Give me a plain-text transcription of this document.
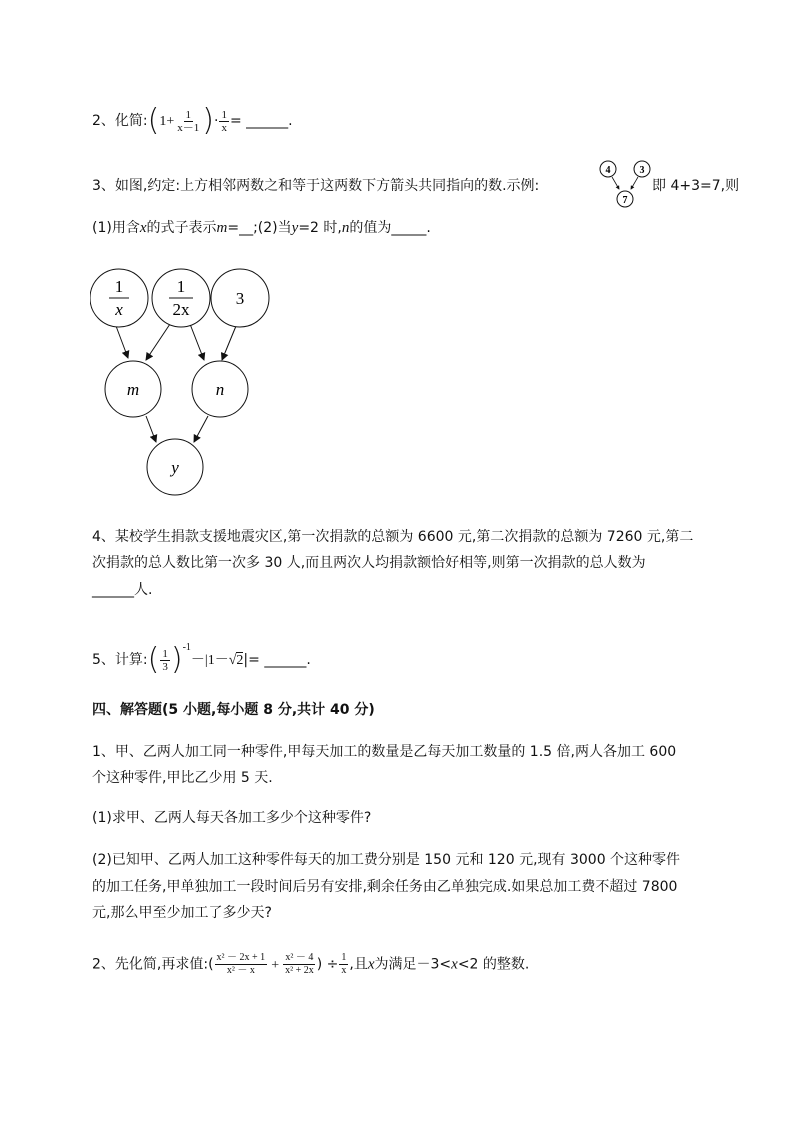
2、化简:(1+ $\frac{1}{x-1}$ )· $\frac{1}{x}$ = ______.
3、如图,约定:上方相邻两数之和等于这两数下方箭头共同指向的数.示例:
4	3
7
即 4+3=7,则
(1)用含x的式子表示m=__;(2)当y=2 时,n的值为_____.
1
x
1
2x
3
m	n
y
4、某校学生捐款支援地震灾区,第一次捐款的总额为 6600 元,第二次捐款的总额为 7260 元,第二
次捐款的总人数比第一次多 30 人,而且两次人均捐款额恰好相等,则第一次捐款的总人数为
______人.
5、计算:( $\frac{1}{3} )^{-1}-|1-√2|=$ ______.
四、解答题(5 小题,每小题 8 分,共计 40 分)
1、甲、乙两人加工同一种零件,甲每天加工的数量是乙每天加工数量的 1.5 倍,两人各加工 600
个这种零件,甲比乙少用 5 天.
(1)求甲、乙两人每天各加工多少个这种零件?
(2)已知甲、乙两人加工这种零件每天的加工费分别是 150 元和 120 元,现有 3000 个这种零件
的加工任务,甲单独加工一段时间后另有安排,剩余任务由乙单独完成.如果总加工费不超过 7800
元,那么甲至少加工了多少天?
2、先化简,再求值:( $\frac{\text{x² － 2x + 1}}{\text{x² － x}} + \frac{\text{x² － 4}}{\text{x² + 2x}}$ ) ÷ $\frac{1}{x}$ ,且x为满足－3<x<2 的整数.
